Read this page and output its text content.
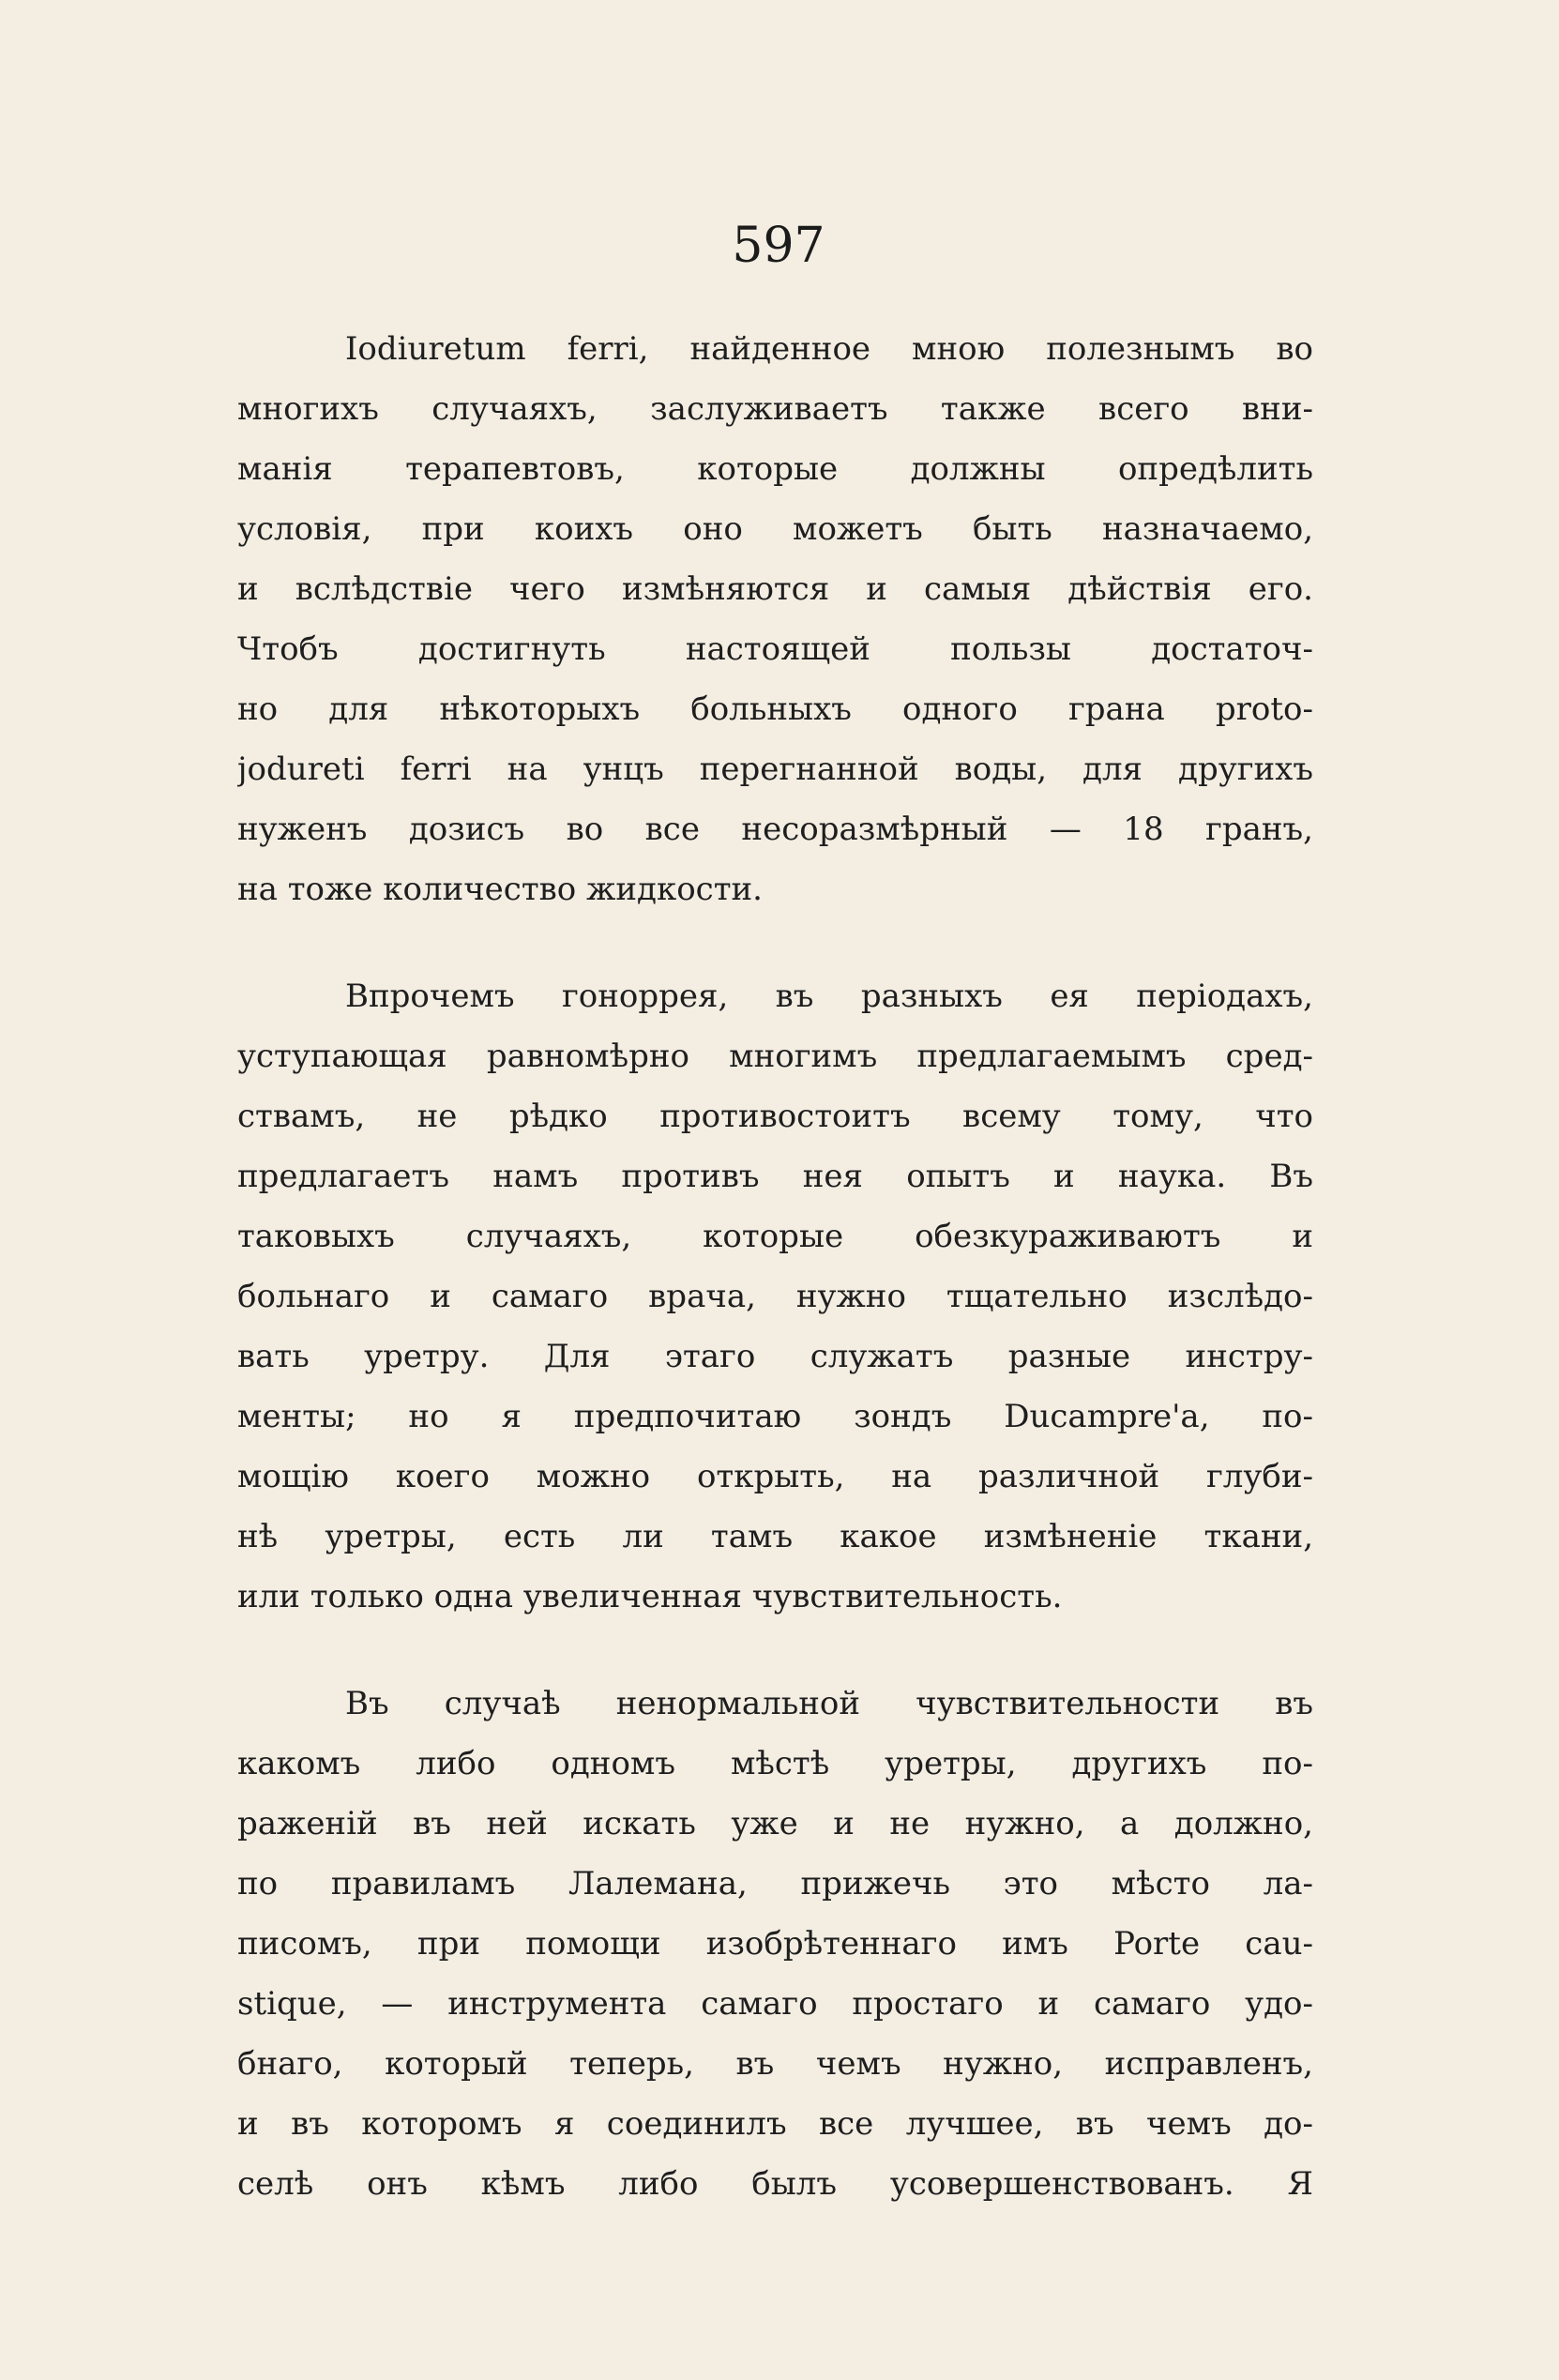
597
Iodiuretum ferri, найденное мною полезнымъ во
многихъ случаяхъ, заслуживаетъ также всего вни-
манія терапевтовъ, которые должны опредѣлить
условія, при коихъ оно можетъ быть назначаемо,
и вслѣдствіе чего измѣняются и самыя дѣйствія его.
Чтобъ достигнуть настоящей пользы достаточ-
но для нѣкоторыхъ больныхъ одного грана proto-
jodureti ferri на унцъ перегнанной воды, для другихъ
нуженъ дозисъ во все несоразмѣрный — 18 гранъ,
на тоже количество жидкости.
Впрочемъ гоноррея, въ разныхъ ея періодахъ,
уступающая равномѣрно многимъ предлагаемымъ сред-
ствамъ, не рѣдко противостоитъ всему тому, что
предлагаетъ намъ противъ нея опытъ и наука. Въ
таковыхъ случаяхъ, которые обезкураживаютъ и
больнаго и самаго врача, нужно тщательно изслѣдо-
вать уретру. Для этаго служатъ разные инстру-
менты; но я предпочитаю зондъ Ducampre'а, по-
мощію коего можно открыть, на различной глуби-
нѣ уретры, есть ли тамъ какое измѣненіе ткани,
или только одна увеличенная чувствительность.
Въ случаѣ ненормальной чувствительности въ
какомъ либо одномъ мѣстѣ уретры, другихъ по-
раженій въ ней искать уже и не нужно, а должно,
по правиламъ Лалемана, прижечь это мѣсто ла-
писомъ, при помощи изобрѣтеннаго имъ Porte cau-
stique, — инструмента самаго простаго и самаго удо-
бнаго, который теперь, въ чемъ нужно, исправленъ,
и въ которомъ я соединилъ все лучшее, въ чемъ до-
селѣ онъ кѣмъ либо былъ усовершенствованъ. Я
